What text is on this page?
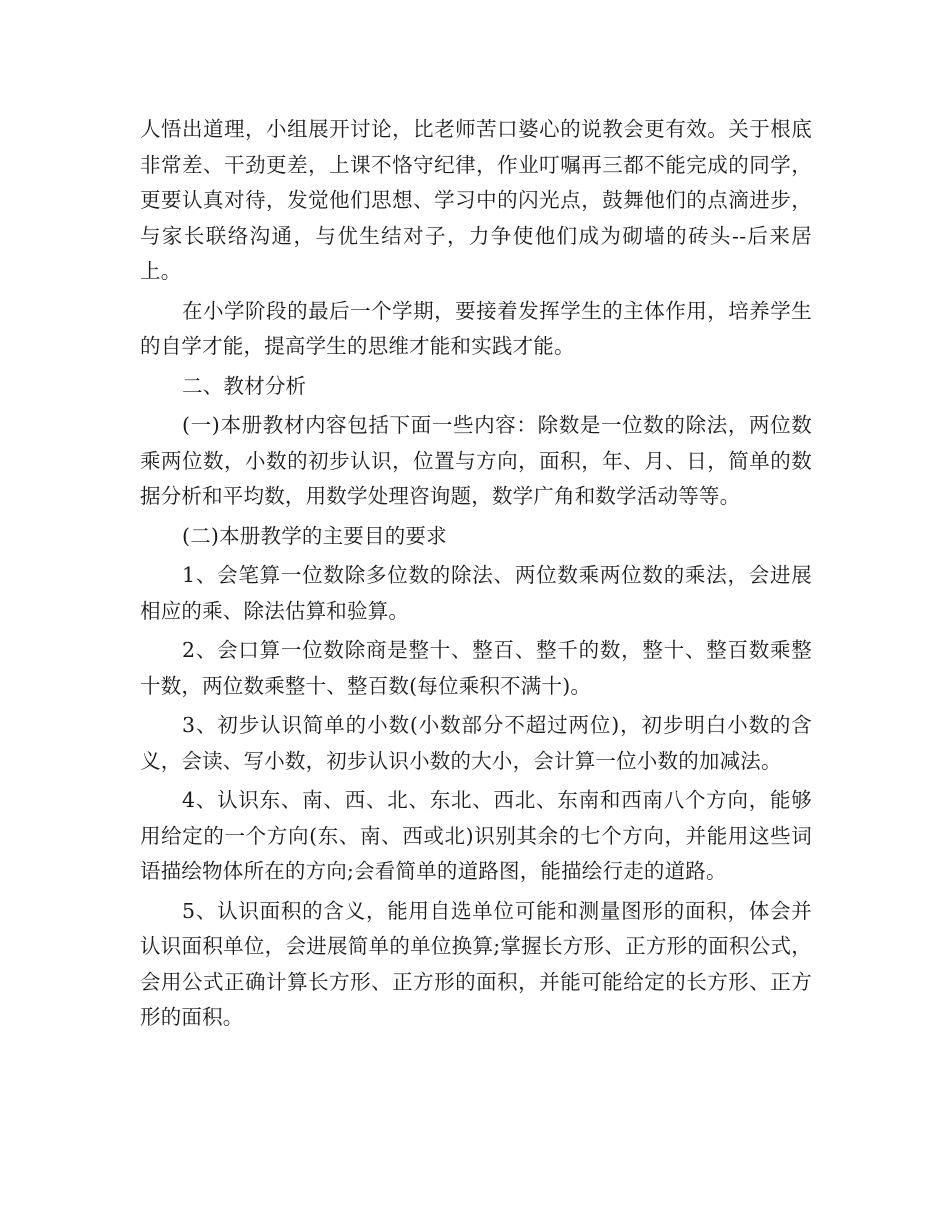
人悟出道理，小组展开讨论，比老师苦口婆心的说教会更有效。关于根底非常差、干劲更差，上课不恪守纪律，作业叮嘱再三都不能完成的同学，更要认真对待，发觉他们思想、学习中的闪光点，鼓舞他们的点滴进步，与家长联络沟通，与优生结对子，力争使他们成为砌墙的砖头--后来居上。

在小学阶段的最后一个学期，要接着发挥学生的主体作用，培养学生的自学才能，提高学生的思维才能和实践才能。

二、教材分析

(一)本册教材内容包括下面一些内容：除数是一位数的除法，两位数乘两位数，小数的初步认识，位置与方向，面积，年、月、日，简单的数据分析和平均数，用数学处理咨询题，数学广角和数学活动等等。

(二)本册教学的主要目的要求

1、会笔算一位数除多位数的除法、两位数乘两位数的乘法，会进展相应的乘、除法估算和验算。

2、会口算一位数除商是整十、整百、整千的数，整十、整百数乘整十数，两位数乘整十、整百数(每位乘积不满十)。

3、初步认识简单的小数(小数部分不超过两位)，初步明白小数的含义，会读、写小数，初步认识小数的大小，会计算一位小数的加减法。

4、认识东、南、西、北、东北、西北、东南和西南八个方向，能够用给定的一个方向(东、南、西或北)识别其余的七个方向，并能用这些词语描绘物体所在的方向;会看简单的道路图，能描绘行走的道路。

5、认识面积的含义，能用自选单位可能和测量图形的面积，体会并认识面积单位，会进展简单的单位换算;掌握长方形、正方形的面积公式，会用公式正确计算长方形、正方形的面积，并能可能给定的长方形、正方形的面积。
